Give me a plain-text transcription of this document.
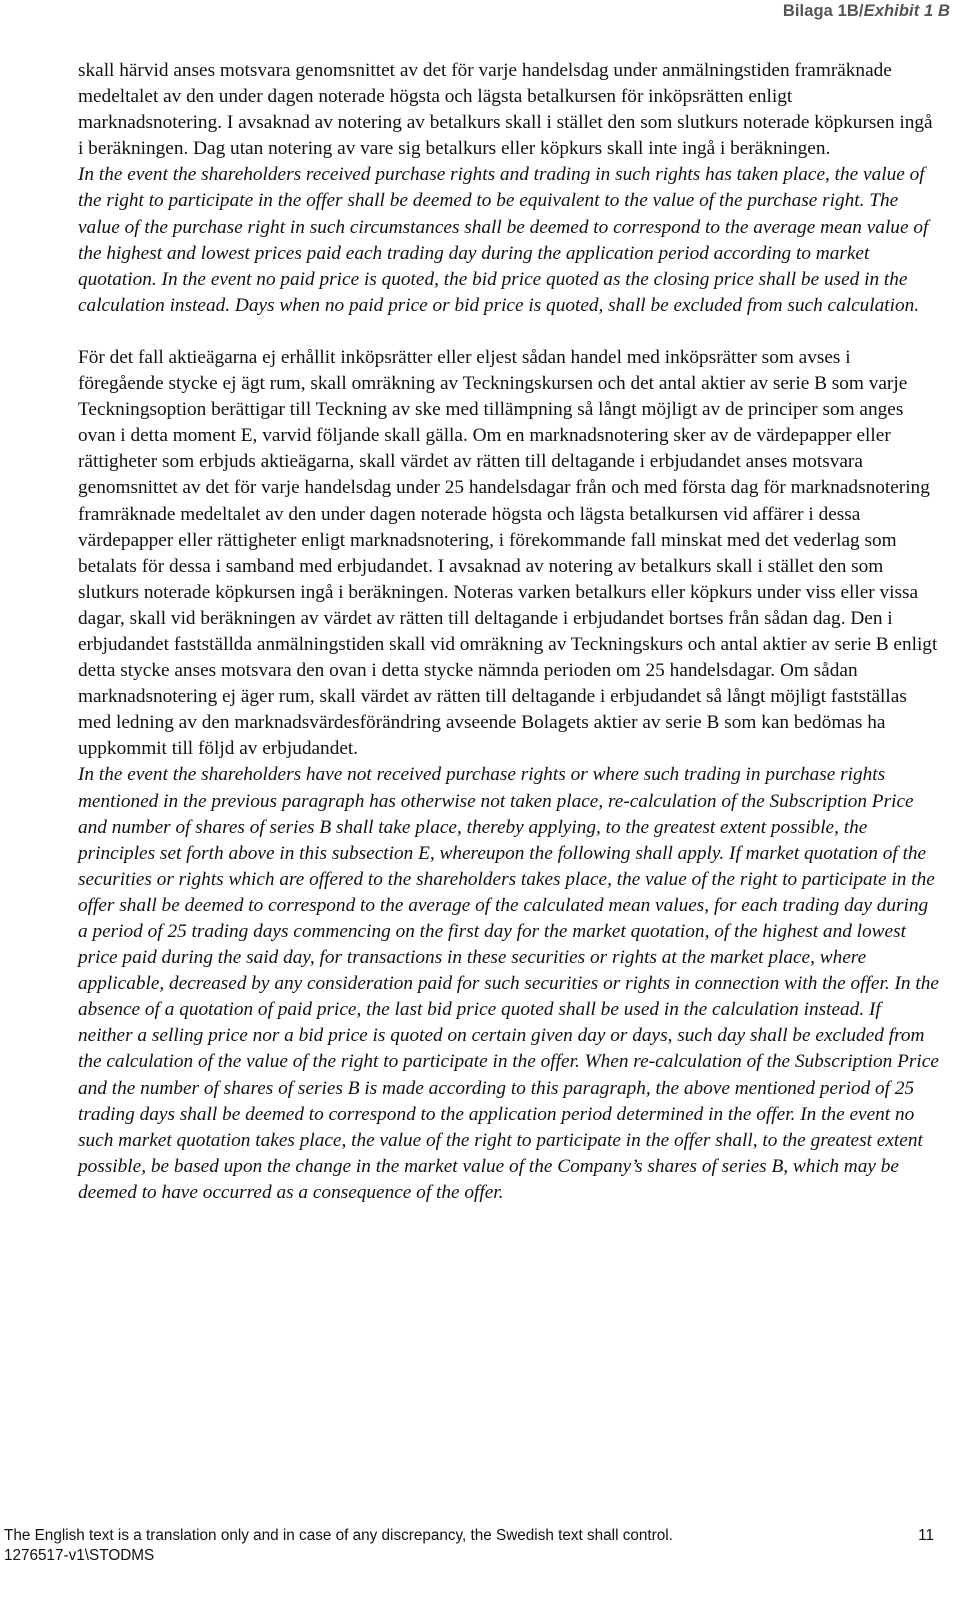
Bilaga 1B/Exhibit 1 B

skall härvid anses motsvara genomsnittet av det för varje handelsdag under anmälningstiden framräknade medeltalet av den under dagen noterade högsta och lägsta betalkursen för inköpsrätten enligt marknadsnotering. I avsaknad av notering av betalkurs skall i stället den som slutkurs noterade köpkursen ingå i beräkningen. Dag utan notering av vare sig betalkurs eller köpkurs skall inte ingå i beräkningen.

In the event the shareholders received purchase rights and trading in such rights has taken place, the value of the right to participate in the offer shall be deemed to be equivalent to the value of the purchase right. The value of the purchase right in such circumstances shall be deemed to correspond to the average mean value of the highest and lowest prices paid each trading day during the application period according to market quotation. In the event no paid price is quoted, the bid price quoted as the closing price shall be used in the calculation instead. Days when no paid price or bid price is quoted, shall be excluded from such calculation.

För det fall aktieägarna ej erhållit inköpsrätter eller eljest sådan handel med inköpsrätter som avses i föregående stycke ej ägt rum, skall omräkning av Teckningskursen och det antal aktier av serie B som varje Teckningsoption berättigar till Teckning av ske med tillämpning så långt möjligt av de principer som anges ovan i detta moment E, varvid följande skall gälla. Om en marknadsnotering sker av de värdepapper eller rättigheter som erbjuds aktieägarna, skall värdet av rätten till deltagande i erbjudandet anses motsvara genomsnittet av det för varje handelsdag under 25 handelsdagar från och med första dag för marknadsnotering framräknade medeltalet av den under dagen noterade högsta och lägsta betalkursen vid affärer i dessa värdepapper eller rättigheter enligt marknadsnotering, i förekommande fall minskat med det vederlag som betalats för dessa i samband med erbjudandet. I avsaknad av notering av betalkurs skall i stället den som slutkurs noterade köpkursen ingå i beräkningen. Noteras varken betalkurs eller köpkurs under viss eller vissa dagar, skall vid beräkningen av värdet av rätten till deltagande i erbjudandet bortses från sådan dag. Den i erbjudandet fastställda anmälningstiden skall vid omräkning av Teckningskurs och antal aktier av serie B enligt detta stycke anses motsvara den ovan i detta stycke nämnda perioden om 25 handelsdagar. Om sådan marknadsnotering ej äger rum, skall värdet av rätten till deltagande i erbjudandet så långt möjligt fastställas med ledning av den marknadsvärdesförändring avseende Bolagets aktier av serie B som kan bedömas ha uppkommit till följd av erbjudandet.

In the event the shareholders have not received purchase rights or where such trading in purchase rights mentioned in the previous paragraph has otherwise not taken place, re-calculation of the Subscription Price and number of shares of series B shall take place, thereby applying, to the greatest extent possible, the principles set forth above in this subsection E, whereupon the following shall apply. If market quotation of the securities or rights which are offered to the shareholders takes place, the value of the right to participate in the offer shall be deemed to correspond to the average of the calculated mean values, for each trading day during a period of 25 trading days commencing on the first day for the market quotation, of the highest and lowest price paid during the said day, for transactions in these securities or rights at the market place, where applicable, decreased by any consideration paid for such securities or rights in connection with the offer. In the absence of a quotation of paid price, the last bid price quoted shall be used in the calculation instead. If neither a selling price nor a bid price is quoted on certain given day or days, such day shall be excluded from the calculation of the value of the right to participate in the offer. When re-calculation of the Subscription Price and the number of shares of series B is made according to this paragraph, the above mentioned period of 25 trading days shall be deemed to correspond to the application period determined in the offer. In the event no such market quotation takes place, the value of the right to participate in the offer shall, to the greatest extent possible, be based upon the change in the market value of the Company’s shares of series B, which may be deemed to have occurred as a consequence of the offer.

The English text is a translation only and in case of any discrepancy, the Swedish text shall control.	11
1276517-v1\STODMS
